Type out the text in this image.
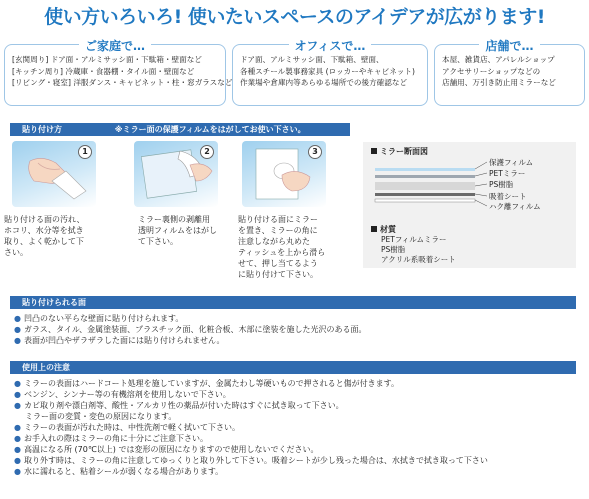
使い方いろいろ! 使いたいスペースのアイデアが広がります!
ご家庭で…
[玄関周り] ドア面・アルミサッシ面・下駄箱・壁面など
[キッチン周り] 冷蔵庫・食器棚・タイル面・壁面など
[リビング・寝室] 洋服ダンス・キャビネット・柱・窓ガラスなど
オフィスで…
ドア面、アルミサッシ面、下駄箱、壁面、
各種スチール製事務家具 (ロッカーやキャビネット)
作業場や倉庫内等あらゆる場所での後方確認など
店舗で…
本屋、雑貨店、アパレルショップ
アクセサリーショップなどの
店舗用、万引き防止用ミラーなど
貼り付け方	※ミラー面の保護フィルムをはがしてお使い下さい。
1
貼り付ける面の汚れ、
ホコリ、水分等を拭き
取り、よく乾かして下
さい。
2
ミラー裏側の剥離用
透明フィルムをはがし
て下さい。
3
貼り付ける面にミラー
を置き、ミラーの角に
注意しながら丸めた
ティッシュを上から滑ら
せて、押し当てるよう
に貼り付けて下さい。
ミラー断面図
保護フィルム
PETミラー
PS樹脂
吸着シート
ハク離フィルム
材質
PETフィルムミラー
PS樹脂
アクリル系吸着シート
貼り付けられる面
● 凹凸のない平らな壁面に貼り付けられます。
● ガラス、タイル、金属塗装面、プラスチック面、化粧合板、木部に塗装を施した光沢のある面。
● 表面が凹凸やザラザラした面には貼り付けられません。
使用上の注意
● ミラーの表面はハードコート処理を施していますが、金属たわし等硬いもので押されると傷が付きます。
● ベンジン、シンナー等の有機溶剤を使用しないで下さい。
● カビ取り剤や漂白剤等、酸性・アルカリ性の薬品が付いた時はすぐに拭き取って下さい。
ミラー面の変質・変色の原因になります。
● ミラーの表面が汚れた時は、中性洗剤で軽く拭いて下さい。
● お手入れの際はミラーの角に十分にご注意下さい。
● 高温になる所 (70℃以上) では変形の原因になりますので使用しないでください。
● 取り外す時は、ミラーの角に注意してゆっくりと取り外して下さい。吸着シートが少し残った場合は、水拭きで拭き取って下さい
● 水に濡れると、粘着シールが弱くなる場合があります。
